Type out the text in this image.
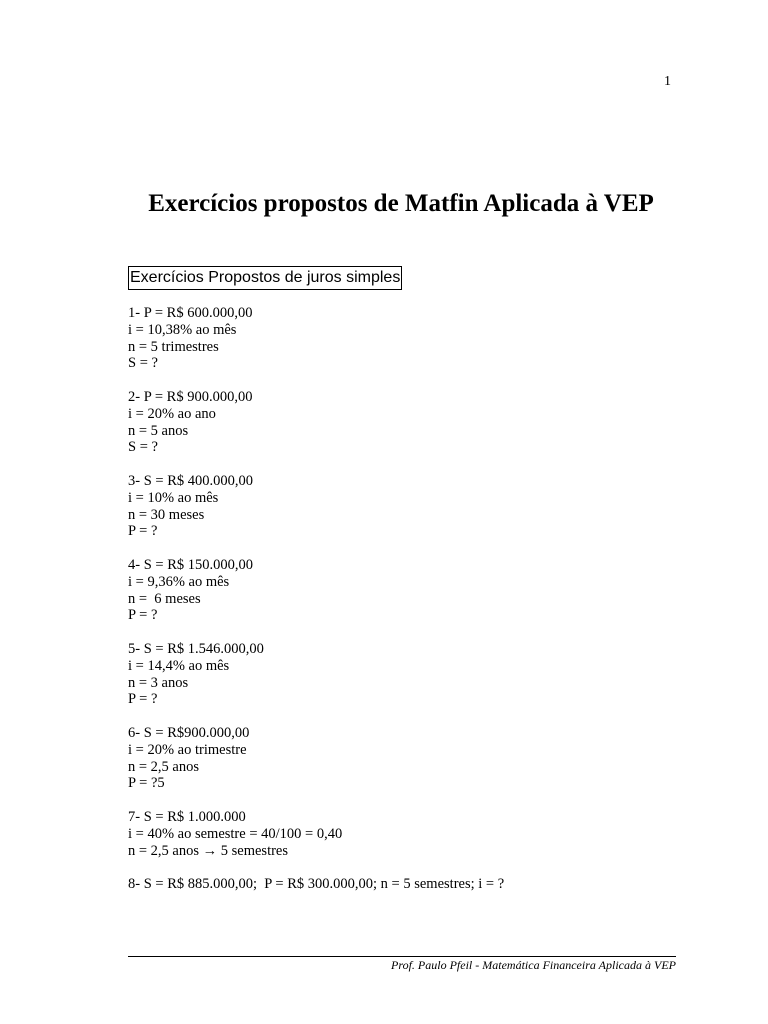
1
Exercícios propostos de Matfin Aplicada à VEP
Exercícios Propostos de juros simples
1- P = R$ 600.000,00
i = 10,38% ao mês
n = 5 trimestres
S = ?
2- P = R$ 900.000,00
i = 20% ao ano
n = 5 anos
S = ?
3- S = R$ 400.000,00
i = 10% ao mês
n = 30 meses
P = ?
4- S = R$ 150.000,00
i = 9,36% ao mês
n =  6 meses
P = ?
5- S = R$ 1.546.000,00
i = 14,4% ao mês
n = 3 anos
P = ?
6- S = R$900.000,00
i = 20% ao trimestre
n = 2,5 anos
P = ?5
7- S = R$ 1.000.000
i = 40% ao semestre = 40/100 = 0,40
n = 2,5 anos → 5 semestres
8- S = R$ 885.000,00;  P = R$ 300.000,00; n = 5 semestres; i = ?
Prof. Paulo Pfeil - Matemática Financeira Aplicada à VEP
